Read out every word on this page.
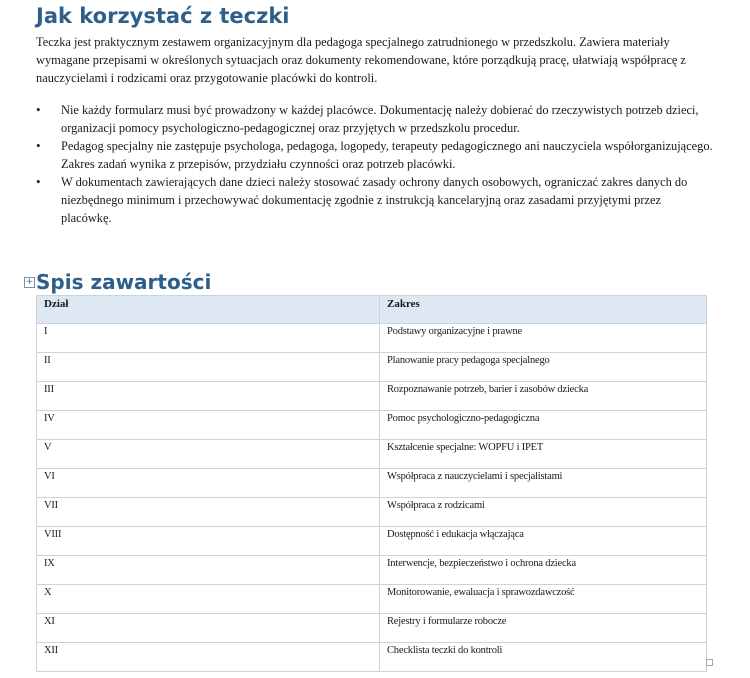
Jak korzystać z teczki

Teczka jest praktycznym zestawem organizacyjnym dla pedagoga specjalnego zatrudnionego w przedszkolu. Zawiera materiały wymagane przepisami w określonych sytuacjach oraz dokumenty rekomendowane, które porządkują pracę, ułatwiają współpracę z nauczycielami i rodzicami oraz przygotowanie placówki do kontroli.

• Nie każdy formularz musi być prowadzony w każdej placówce. Dokumentację należy dobierać do rzeczywistych potrzeb dzieci, organizacji pomocy psychologiczno-pedagogicznej oraz przyjętych w przedszkolu procedur.
• Pedagog specjalny nie zastępuje psychologa, pedagoga, logopedy, terapeuty pedagogicznego ani nauczyciela współorganizującego. Zakres zadań wynika z przepisów, przydziału czynności oraz potrzeb placówki.
• W dokumentach zawierających dane dzieci należy stosować zasady ochrony danych osobowych, ograniczać zakres danych do niezbędnego minimum i przechowywać dokumentację zgodnie z instrukcją kancelaryjną oraz zasadami przyjętymi przez placówkę.
Spis zawartości
Dział	Zakres
I	Podstawy organizacyjne i prawne
II	Planowanie pracy pedagoga specjalnego
III	Rozpoznawanie potrzeb, barier i zasobów dziecka
IV	Pomoc psychologiczno-pedagogiczna
V	Kształcenie specjalne: WOPFU i IPET
VI	Współpraca z nauczycielami i specjalistami
VII	Współpraca z rodzicami
VIII	Dostępność i edukacja włączająca
IX	Interwencje, bezpieczeństwo i ochrona dziecka
X	Monitorowanie, ewaluacja i sprawozdawczość
XI	Rejestry i formularze robocze
XII	Checklista teczki do kontroli
+
